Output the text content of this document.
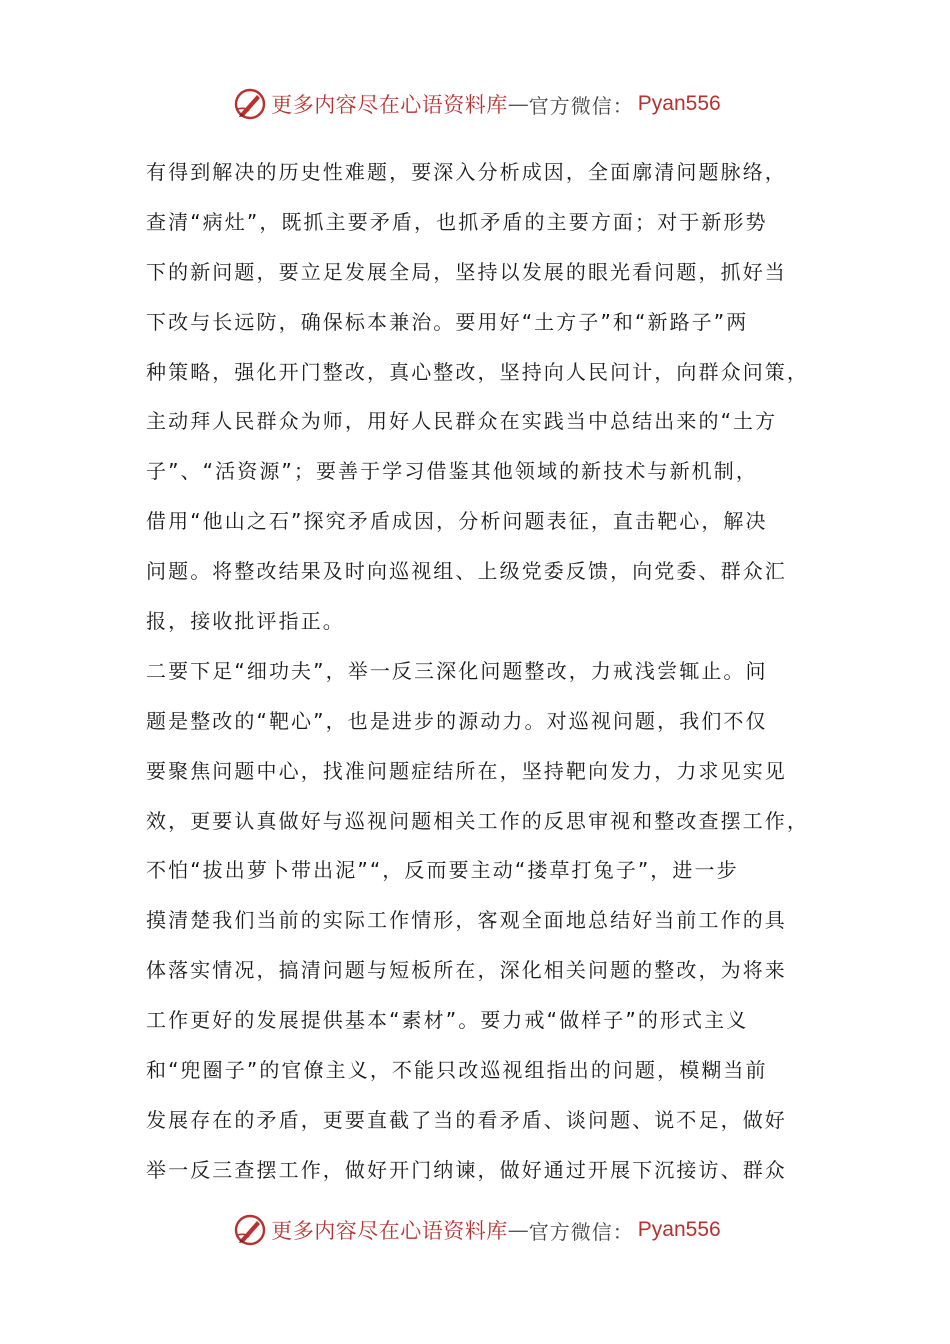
更多内容尽在心语资料库 — 官方微信： Pyan556
有得到解决的历史性难题，要深入分析成因，全面廓清问题脉络，
查清“病灶”，既抓主要矛盾，也抓矛盾的主要方面；对于新形势
下的新问题，要立足发展全局，坚持以发展的眼光看问题，抓好当
下改与长远防，确保标本兼治。要用好“土方子”和“新路子”两
种策略，强化开门整改，真心整改，坚持向人民问计，向群众问策，
主动拜人民群众为师，用好人民群众在实践当中总结出来的“土方
子”、“活资源”；要善于学习借鉴其他领域的新技术与新机制，
借用“他山之石”探究矛盾成因，分析问题表征，直击靶心，解决
问题。将整改结果及时向巡视组、上级党委反馈，向党委、群众汇
报，接收批评指正。
二要下足“细功夫”，举一反三深化问题整改，力戒浅尝辄止。问
题是整改的“靶心”，也是进步的源动力。对巡视问题，我们不仅
要聚焦问题中心，找准问题症结所在，坚持靶向发力，力求见实见
效，更要认真做好与巡视问题相关工作的反思审视和整改查摆工作，
不怕“拔出萝卜带出泥”“，反而要主动“搂草打兔子”，进一步
摸清楚我们当前的实际工作情形，客观全面地总结好当前工作的具
体落实情况，搞清问题与短板所在，深化相关问题的整改，为将来
工作更好的发展提供基本“素材”。要力戒“做样子”的形式主义
和“兜圈子”的官僚主义，不能只改巡视组指出的问题，模糊当前
发展存在的矛盾，更要直截了当的看矛盾、谈问题、说不足，做好
举一反三查摆工作，做好开门纳谏，做好通过开展下沉接访、群众
更多内容尽在心语资料库 — 官方微信： Pyan556
